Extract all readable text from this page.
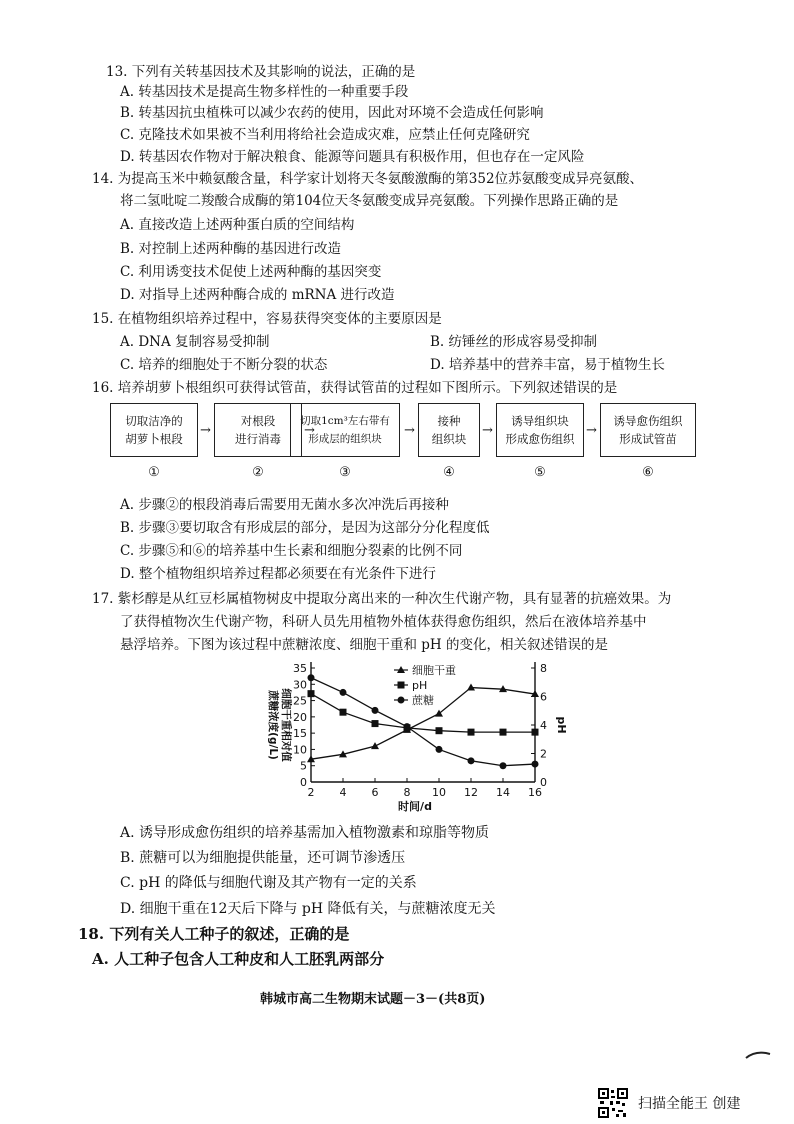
13. 下列有关转基因技术及其影响的说法，正确的是
A. 转基因技术是提高生物多样性的一种重要手段
B. 转基因抗虫植株可以减少农药的使用，因此对环境不会造成任何影响
C. 克隆技术如果被不当利用将给社会造成灾难，应禁止任何克隆研究
D. 转基因农作物对于解决粮食、能源等问题具有积极作用，但也存在一定风险
14. 为提高玉米中赖氨酸含量，科学家计划将天冬氨酸激酶的第352位苏氨酸变成异亮氨酸、
将二氢吡啶二羧酸合成酶的第104位天冬氨酸变成异亮氨酸。下列操作思路正确的是
A. 直接改造上述两种蛋白质的空间结构
B. 对控制上述两种酶的基因进行改造
C. 利用诱变技术促使上述两种酶的基因突变
D. 对指导上述两种酶合成的 mRNA 进行改造
15. 在植物组织培养过程中，容易获得突变体的主要原因是
A. DNA 复制容易受抑制	B. 纺锤丝的形成容易受抑制
C. 培养的细胞处于不断分裂的状态	D. 培养基中的营养丰富，易于植物生长
16. 培养胡萝卜根组织可获得试管苗，获得试管苗的过程如下图所示。下列叙述错误的是
切取洁净的
胡萝卜根段
→
对根段
进行消毒
→
切取1cm³左右带有
形成层的组织块
→
接种
组织块
→
诱导组织块
形成愈伤组织
→
诱导愈伤组织
形成试管苗
①	②	③	④	⑤	⑥
A. 步骤②的根段消毒后需要用无菌水多次冲洗后再接种
B. 步骤③要切取含有形成层的部分，是因为这部分分化程度低
C. 步骤⑤和⑥的培养基中生长素和细胞分裂素的比例不同
D. 整个植物组织培养过程都必须要在有光条件下进行
17. 紫杉醇是从红豆杉属植物树皮中提取分离出来的一种次生代谢产物，具有显著的抗癌效果。为
了获得植物次生代谢产物，科研人员先用植物外植体获得愈伤组织，然后在液体培养基中
悬浮培养。下图为该过程中蔗糖浓度、细胞干重和 pH 的变化，相关叙述错误的是
0
5
10
15
20
25
30
35
0
2
4
6
8
2 4 6 8 10 12 14 16
时间/d
蔗糖浓度(g/L) 细胞干重相对值	pH
细胞干重
pH
蔗糖
A. 诱导形成愈伤组织的培养基需加入植物激素和琼脂等物质
B. 蔗糖可以为细胞提供能量，还可调节渗透压
C. pH 的降低与细胞代谢及其产物有一定的关系
D. 细胞干重在12天后下降与 pH 降低有关，与蔗糖浓度无关
18. 下列有关人工种子的叙述，正确的是
A. 人工种子包含人工种皮和人工胚乳两部分
韩城市高二生物期末试题－3－(共8页)
扫描全能王 创建
